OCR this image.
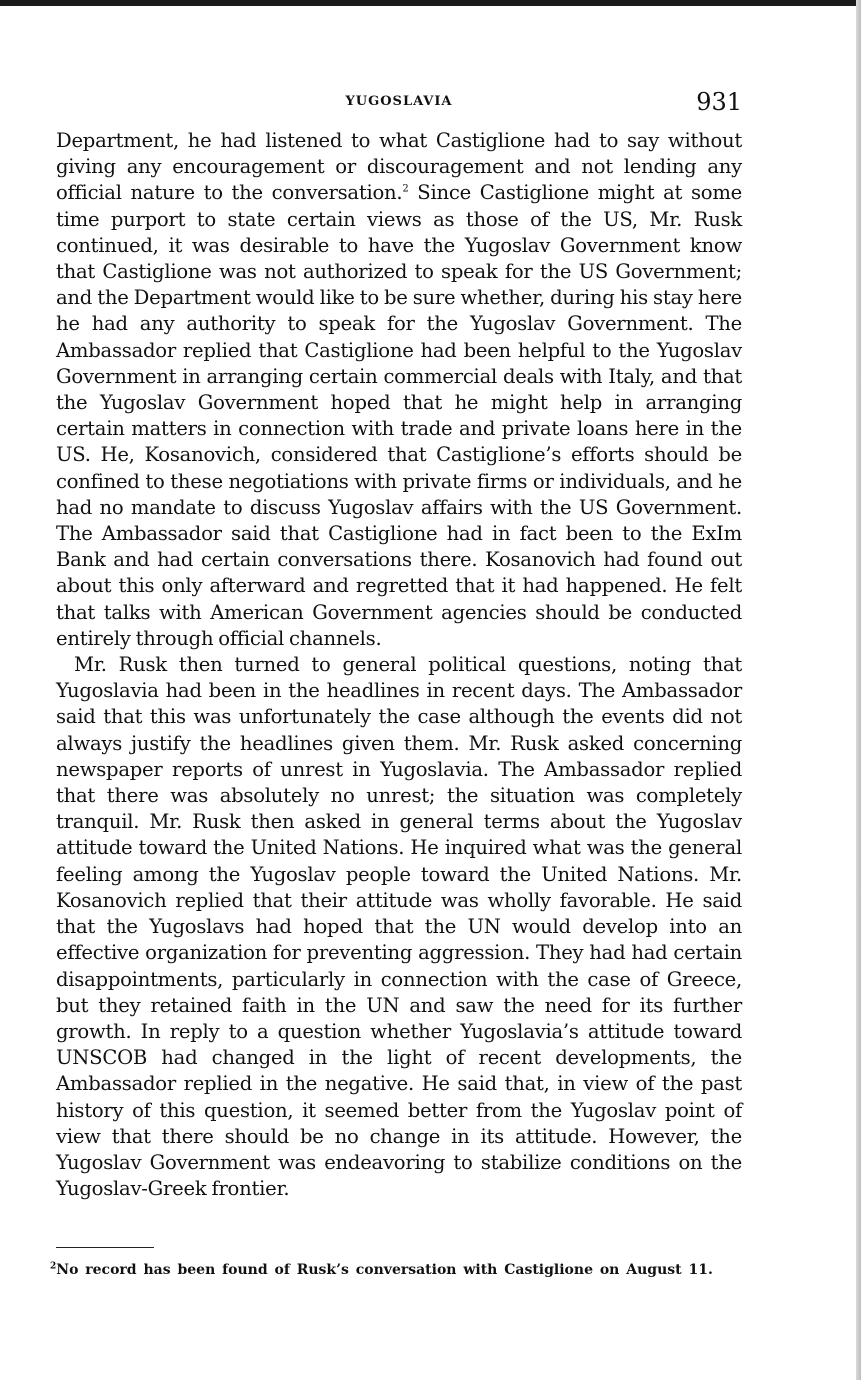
YUGOSLAVIA	931

Department, he had listened to what Castiglione had to say without giving any encouragement or discouragement and not lending any official nature to the conversation.$^2$ Since Castiglione might at some time purport to state certain views as those of the US, Mr. Rusk continued, it was desirable to have the Yugoslav Government know that Castiglione was not authorized to speak for the US Government; and the Department would like to be sure whether, during his stay here he had any authority to speak for the Yugoslav Government. The Ambassador replied that Castiglione had been helpful to the Yugoslav Government in arranging certain commercial deals with Italy, and that the Yugoslav Government hoped that he might help in arranging certain matters in connection with trade and private loans here in the US. He, Kosanovich, considered that Castiglione’s efforts should be confined to these negotiations with private firms or individuals, and he had no mandate to discuss Yugoslav affairs with the US Government. The Ambassador said that Castiglione had in fact been to the ExIm Bank and had certain conversations there. Kosanovich had found out about this only afterward and regretted that it had happened. He felt that talks with American Government agencies should be conducted entirely through official channels.

Mr. Rusk then turned to general political questions, noting that Yugoslavia had been in the headlines in recent days. The Ambassador said that this was unfortunately the case although the events did not always justify the headlines given them. Mr. Rusk asked concerning newspaper reports of unrest in Yugoslavia. The Ambassador replied that there was absolutely no unrest; the situation was completely tranquil. Mr. Rusk then asked in general terms about the Yugoslav attitude toward the United Nations. He inquired what was the general feeling among the Yugoslav people toward the United Nations. Mr. Kosanovich replied that their attitude was wholly favorable. He said that the Yugoslavs had hoped that the UN would develop into an effective organization for preventing aggression. They had had certain disappointments, particularly in connection with the case of Greece, but they retained faith in the UN and saw the need for its further growth. In reply to a question whether Yugoslavia’s attitude toward UNSCOB had changed in the light of recent developments, the Ambassador replied in the negative. He said that, in view of the past history of this question, it seemed better from the Yugoslav point of view that there should be no change in its attitude. However, the Yugoslav Government was endeavoring to stabilize conditions on the Yugoslav-Greek frontier.

$^2$No record has been found of Rusk’s conversation with Castiglione on August 11.
